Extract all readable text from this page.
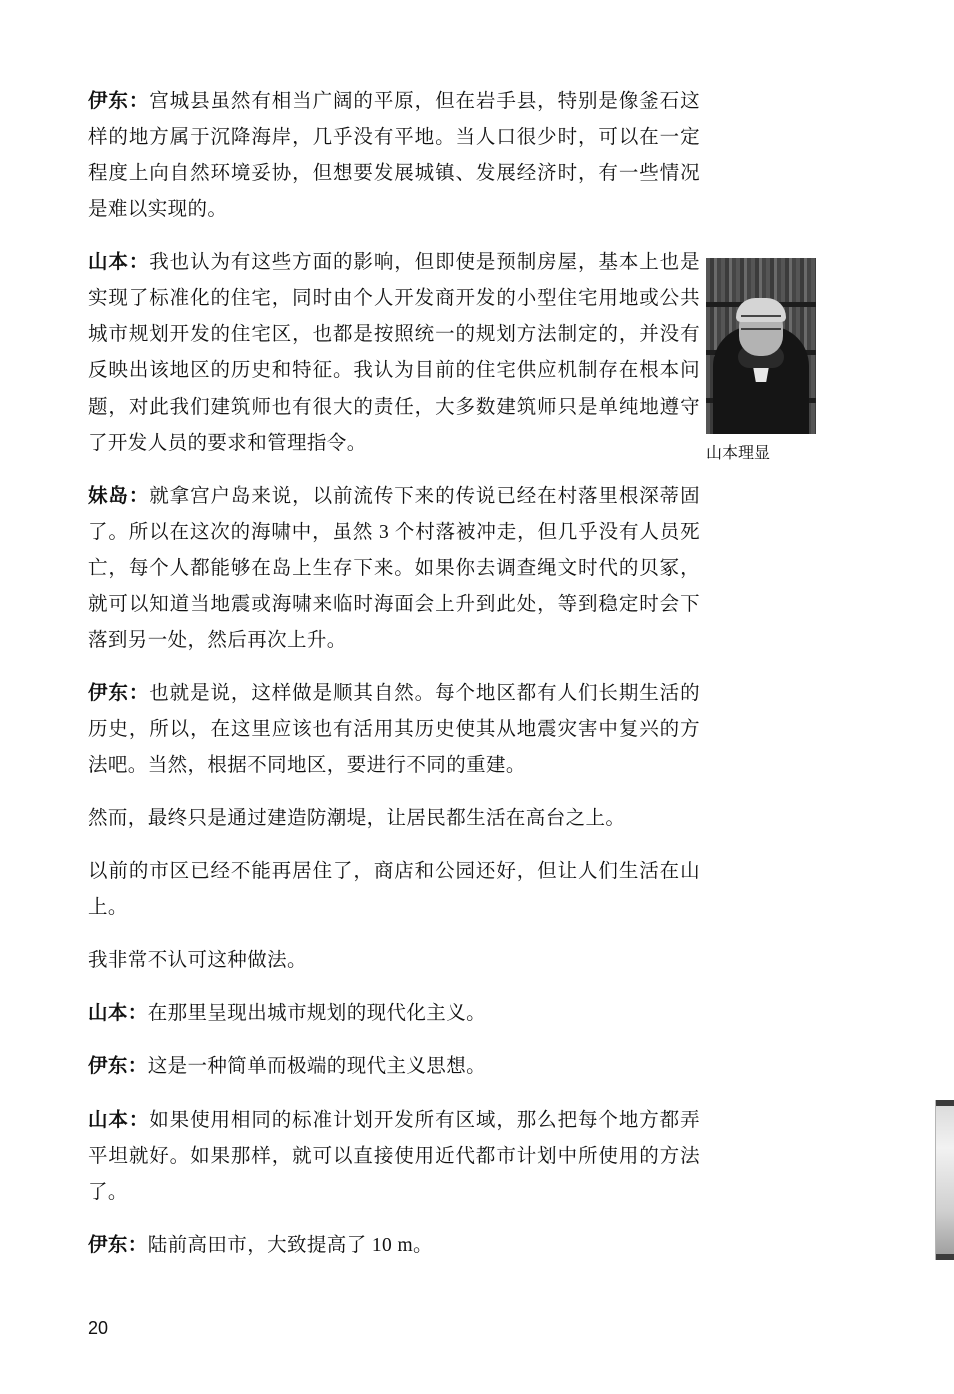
伊东：宫城县虽然有相当广阔的平原，但在岩手县，特别是像釜石这样的地方属于沉降海岸，几乎没有平地。当人口很少时，可以在一定程度上向自然环境妥协，但想要发展城镇、发展经济时，有一些情况是难以实现的。

山本：我也认为有这些方面的影响，但即使是预制房屋，基本上也是实现了标准化的住宅，同时由个人开发商开发的小型住宅用地或公共城市规划开发的住宅区，也都是按照统一的规划方法制定的，并没有反映出该地区的历史和特征。我认为目前的住宅供应机制存在根本问题，对此我们建筑师也有很大的责任，大多数建筑师只是单纯地遵守了开发人员的要求和管理指令。

妹岛：就拿宫户岛来说，以前流传下来的传说已经在村落里根深蒂固了。所以在这次的海啸中，虽然 3 个村落被冲走，但几乎没有人员死亡，每个人都能够在岛上生存下来。如果你去调查绳文时代的贝冢，就可以知道当地震或海啸来临时海面会上升到此处，等到稳定时会下落到另一处，然后再次上升。

伊东：也就是说，这样做是顺其自然。每个地区都有人们长期生活的历史，所以，在这里应该也有活用其历史使其从地震灾害中复兴的方法吧。当然，根据不同地区，要进行不同的重建。

然而，最终只是通过建造防潮堤，让居民都生活在高台之上。

以前的市区已经不能再居住了，商店和公园还好，但让人们生活在山上。

我非常不认可这种做法。

山本：在那里呈现出城市规划的现代化主义。

伊东：这是一种简单而极端的现代主义思想。

山本：如果使用相同的标准计划开发所有区域，那么把每个地方都弄平坦就好。如果那样，就可以直接使用近代都市计划中所使用的方法了。

伊东：陆前高田市，大致提高了 10 m。

山本理显
20
